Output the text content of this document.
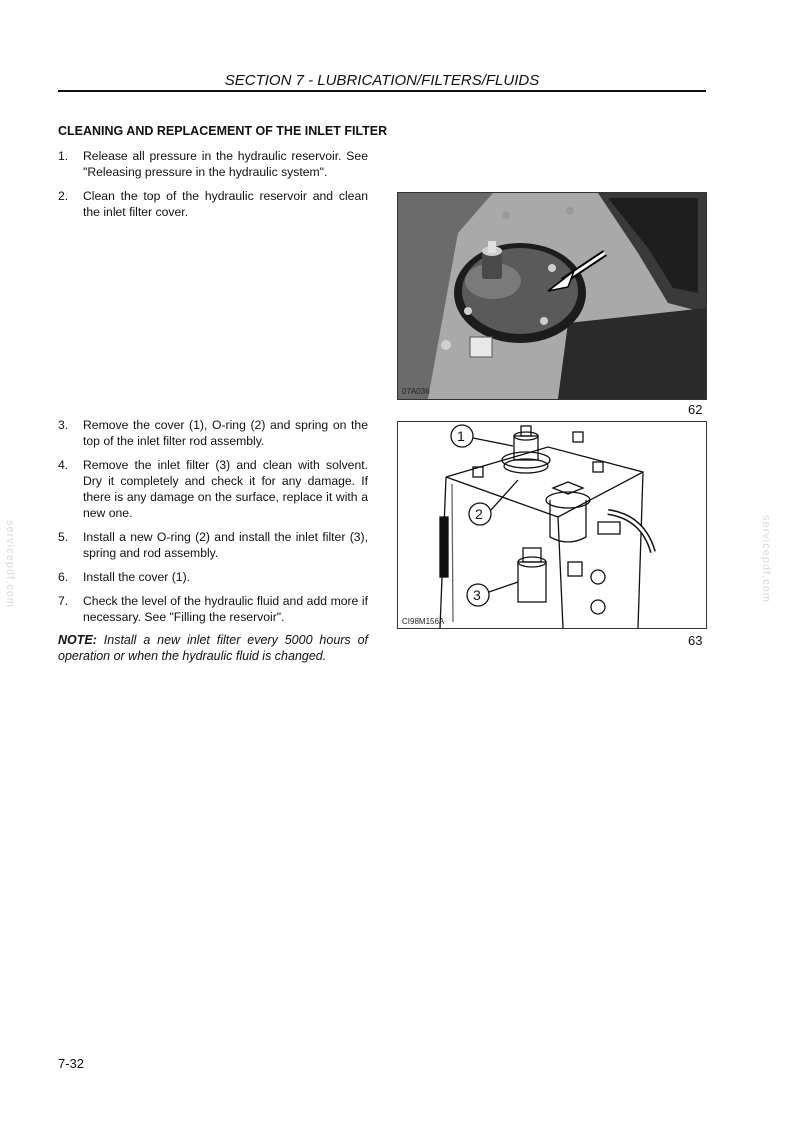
SECTION 7 - LUBRICATION/FILTERS/FLUIDS
CLEANING AND REPLACEMENT OF THE INLET FILTER
1. Release all pressure in the hydraulic reservoir. See "Releasing pressure in the hydraulic system".
2. Clean the top of the hydraulic reservoir and clean the inlet filter cover.
3. Remove the cover (1), O-ring (2) and spring on the top of the inlet filter rod assembly.
4. Remove the inlet filter (3) and clean with solvent. Dry it completely and check it for any damage. If there is any damage on the surface, replace it with a new one.
5. Install a new O-ring (2) and install the inlet filter (3), spring and rod assembly.
6. Install the cover (1).
7. Check the level of the hydraulic fluid and add more if necessary. See "Filling the reservoir".
NOTE: Install a new inlet filter every 5000 hours of operation or when the hydraulic fluid is changed.
07A036
62
1
2
3
CI98M156A
63
servicepdf.com	servicepdf.com
7-32
